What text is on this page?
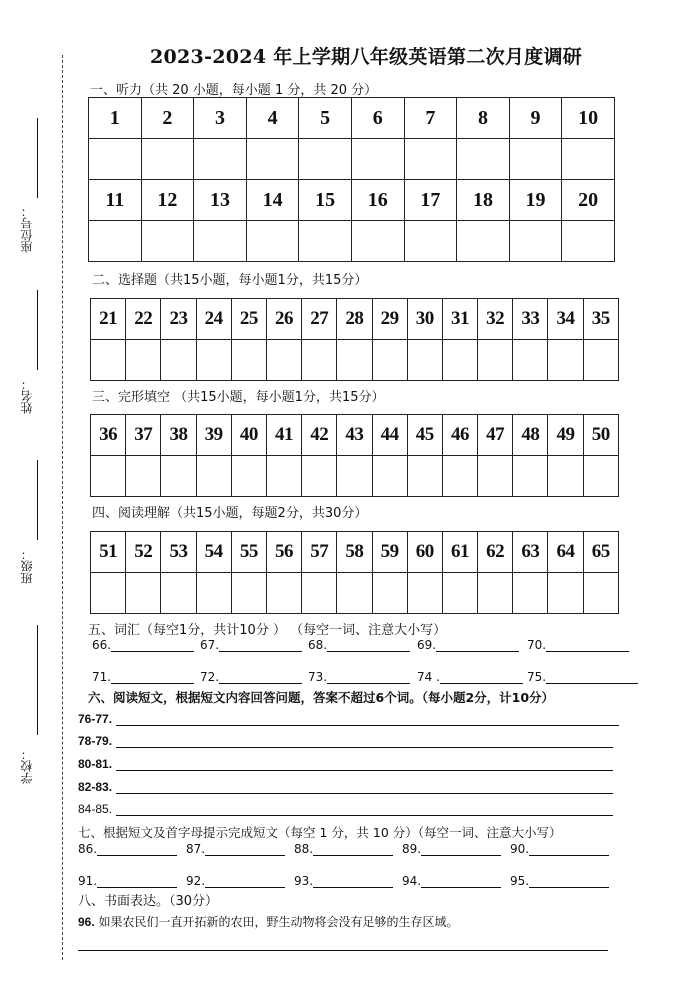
座位号：
姓名：
班级：
学校：
2023-2024 年上学期八年级英语第二次月度调研
一、听力（共 20 小题，每小题 1 分，共 20 分）
1	2	3	4	5	6	7	8	9	10

11	12	13	14	15	16	17	18	19	20

二、选择题（共15小题，每小题1分，共15分）
21	22	23	24	25	26	27	28	29	30	31	32	33	34	35

三、完形填空 （共15小题，每小题1分，共15分）
36	37	38	39	40	41	42	43	44	45	46	47	48	49	50

四、阅读理解（共15小题，每题2分，共30分）
51	52	53	54	55	56	57	58	59	60	61	62	63	64	65

五、词汇（每空1分，共计10分 ） （每空一词、注意大小写）
66.	67.	68.	69.	70.
71.	72.	73.	74 .	75.
六、阅读短文，根据短文内容回答问题，答案不超过6个词。（每小题2分，计10分）
76-77.
78-79.
80-81.
82-83.
84-85.
七、根据短文及首字母提示完成短文（每空 1 分，共 10 分）（每空一词、注意大小写）
86.	87.	88.	89.	90.
91.	92.	93.	94.	95.
八、书面表达。（30分）
96. 如果农民们一直开拓新的农田，野生动物将会没有足够的生存区域。
